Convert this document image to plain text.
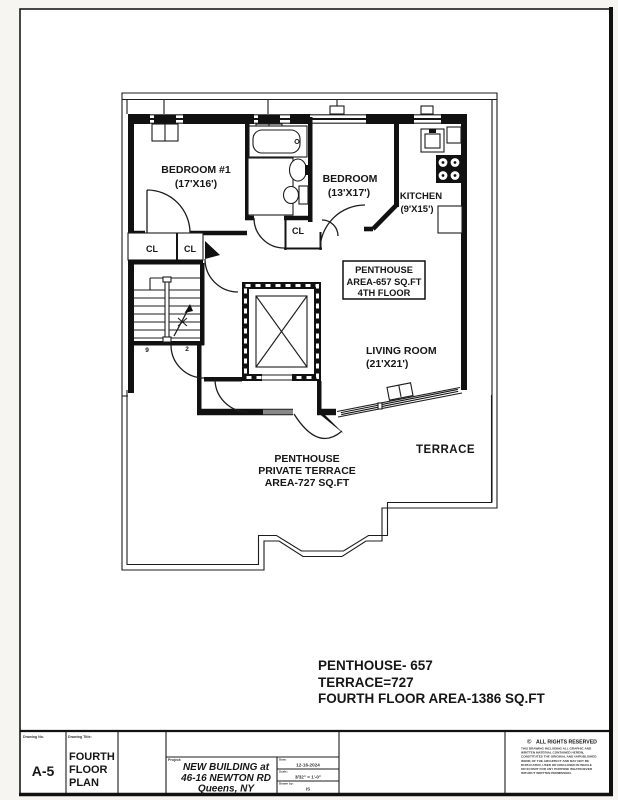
9	2
BEDROOM #1
(17'X16')	BEDROOM
(13'X17')	KITCHEN
(9'X15')
CL	CL
CL
LIVING ROOM
(21'X21')
TERRACE
PENTHOUSE
PRIVATE TERRACE
AREA-727 SQ.FT
PENTHOUSE
AREA-657 SQ.FT
4TH FLOOR
PENTHOUSE- 657
TERRACE=727
FOURTH FLOOR AREA-1386 SQ.FT
Drawing No.
A-5
Drawing Title:
FOURTH
FLOOR
PLAN
Project:
NEW BUILDING at
46-16 NEWTON RD
Queens, NY
Date:
12-16-2024
Scale:
3/32" = 1'-0"
Drawn by:
IS
© ALL RIGHTS RESERVED
THIS DRAWING INCLUDING ALL GRAPHIC AND
WRITTEN MATERIAL CONTAINED HEREIN,
CONSTITUTES THE ORIGINAL AND UNPUBLISHED
WORK OF THE ARCHITECT AND MAY NOT BE
DUPLICATED, USED OR DISCLOSED IN WHOLE
OR IN PART FOR ANY PURPOSE WHATSOEVER
WITHOUT WRITTEN PERMISSION.
